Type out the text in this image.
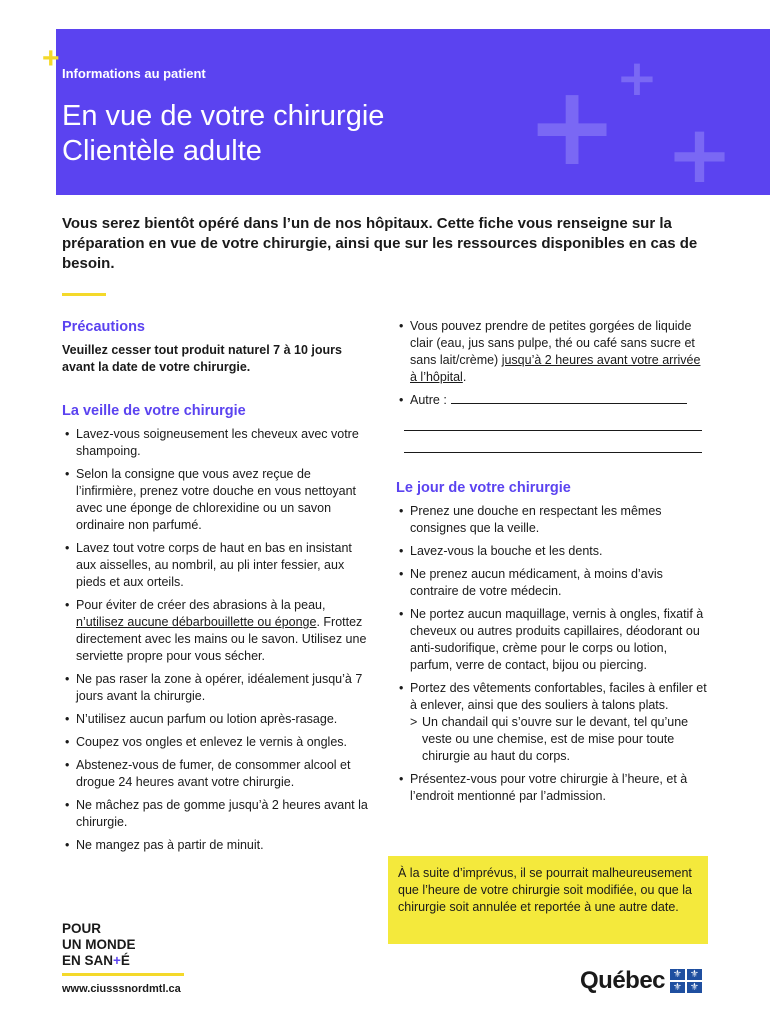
+
+
+
Informations au patient
En vue de votre chirurgie
Clientèle adulte
+

Vous serez bientôt opéré dans l’un de nos hôpitaux. Cette fiche vous renseigne sur la préparation en vue de votre chirurgie, ainsi que sur les ressources disponibles en cas de besoin.

Précautions

Veuillez cesser tout produit naturel 7 à 10 jours avant la date de votre chirurgie.

La veille de votre chirurgie
• Lavez-vous soigneusement les cheveux avec votre shampoing.
• Selon la consigne que vous avez reçue de l’infirmière, prenez votre douche en vous nettoyant avec une éponge de chlorexidine ou un savon ordinaire non parfumé.
• Lavez tout votre corps de haut en bas en insistant aux aisselles, au nombril, au pli inter fessier, aux pieds et aux orteils.
• Pour éviter de créer des abrasions à la peau, n’utilisez aucune débarbouillette ou éponge. Frottez directement avec les mains ou le savon. Utilisez une serviette propre pour vous sécher.
• Ne pas raser la zone à opérer, idéalement jusqu’à 7 jours avant la chirurgie.
• N’utilisez aucun parfum ou lotion après-rasage.
• Coupez vos ongles et enlevez le vernis à ongles.
• Abstenez-vous de fumer, de consommer alcool et drogue 24 heures avant votre chirurgie.
• Ne mâchez pas de gomme jusqu’à 2 heures avant la chirurgie.
• Ne mangez pas à partir de minuit.
• Vous pouvez prendre de petites gorgées de liquide clair (eau, jus sans pulpe, thé ou café sans sucre et sans lait/crème) jusqu’à 2 heures avant votre arrivée à l’hôpital.
• Autre :
Le jour de votre chirurgie
• Prenez une douche en respectant les mêmes consignes que la veille.
• Lavez-vous la bouche et les dents.
• Ne prenez aucun médicament, à moins d’avis contraire de votre médecin.
• Ne portez aucun maquillage, vernis à ongles, fixatif à cheveux ou autres produits capillaires, déodorant ou anti-sudorifique, crème pour le corps ou lotion, parfum, verre de contact, bijou ou piercing.
• Portez des vêtements confortables, faciles à enfiler et à enlever, ainsi que des souliers à talons plats.
> Un chandail qui s’ouvre sur le devant, tel qu’une veste ou une chemise, est de mise pour toute chirurgie au haut du corps.
• Présentez-vous pour votre chirurgie à l’heure, et à l’endroit mentionné par l’admission.
À la suite d’imprévus, il se pourrait malheureusement que l’heure de votre chirurgie soit modifiée, ou que la chirurgie soit annulée et reportée à une autre date.
POUR
UN MONDE
EN SAN+É
www.ciusssnordmtl.ca	Québec ⚜ ⚜
⚜ ⚜
